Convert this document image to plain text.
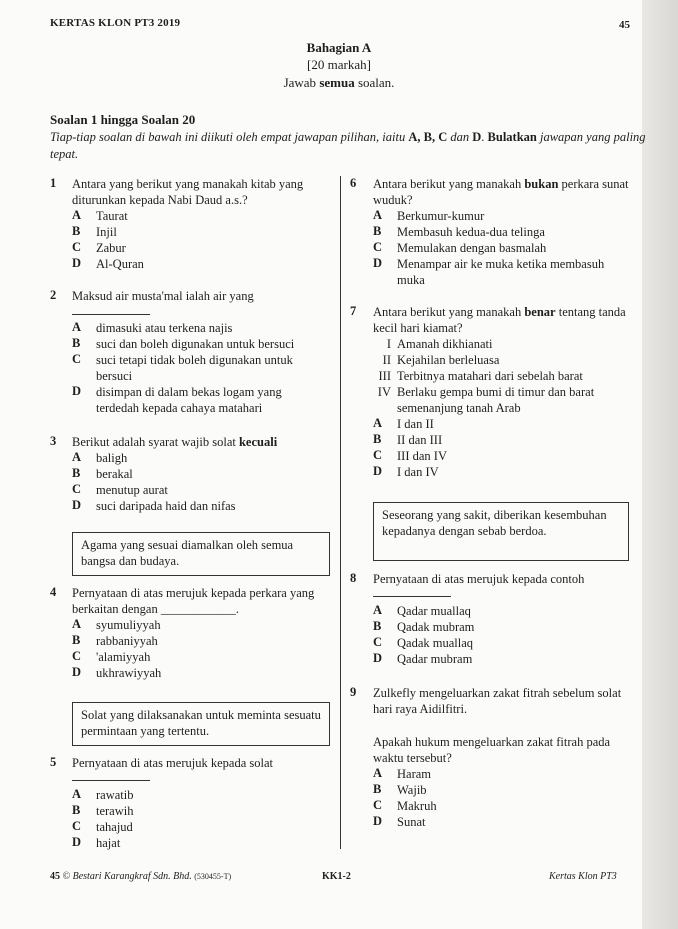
KERTAS KLON PT3 2019	45
Bahagian A
[20 markah]
Jawab semua soalan.
Soalan 1 hingga Soalan 20
Tiap-tiap soalan di bawah ini diikuti oleh empat jawapan pilihan, iaitu A, B, C dan D. Bulatkan jawapan yang paling tepat.
1 Antara yang berikut yang manakah kitab yang diturunkan kepada Nabi Daud a.s.?
A Taurat
B Injil
C Zabur
D Al-Quran
2 Maksud air musta'mal ialah air yang
A dimasuki atau terkena najis
B suci dan boleh digunakan untuk bersuci
C suci tetapi tidak boleh digunakan untuk bersuci
D disimpan di dalam bekas logam yang terdedah kepada cahaya matahari
3 Berikut adalah syarat wajib solat kecuali
A baligh
B berakal
C menutup aurat
D suci daripada haid dan nifas
Agama yang sesuai diamalkan oleh semua bangsa dan budaya.
4 Pernyataan di atas merujuk kepada perkara yang berkaitan dengan ____________.
A syumuliyyah
B rabbaniyyah
C 'alamiyyah
D ukhrawiyyah
Solat yang dilaksanakan untuk meminta sesuatu permintaan yang tertentu.
5 Pernyataan di atas merujuk kepada solat
A rawatib
B terawih
C tahajud
D hajat
6 Antara berikut yang manakah bukan perkara sunat wuduk?
A Berkumur-kumur
B Membasuh kedua-dua telinga
C Memulakan dengan basmalah
D Menampar air ke muka ketika membasuh muka
7 Antara berikut yang manakah benar tentang tanda kecil hari kiamat?
I Amanah dikhianati
II Kejahilan berleluasa
III Terbitnya matahari dari sebelah barat
IV Berlaku gempa bumi di timur dan barat semenanjung tanah Arab
A I dan II
B II dan III
C III dan IV
D I dan IV
Seseorang yang sakit, diberikan kesembuhan kepadanya dengan sebab berdoa.
8 Pernyataan di atas merujuk kepada contoh
A Qadar muallaq
B Qadak mubram
C Qadak muallaq
D Qadar mubram
9 Zulkefly mengeluarkan zakat fitrah sebelum solat hari raya Aidilfitri.
Apakah hukum mengeluarkan zakat fitrah pada waktu tersebut?
A Haram
B Wajib
C Makruh
D Sunat
45 © Bestari Karangkraf Sdn. Bhd. (530455-T)	KK1-2	Kertas Klon PT3
